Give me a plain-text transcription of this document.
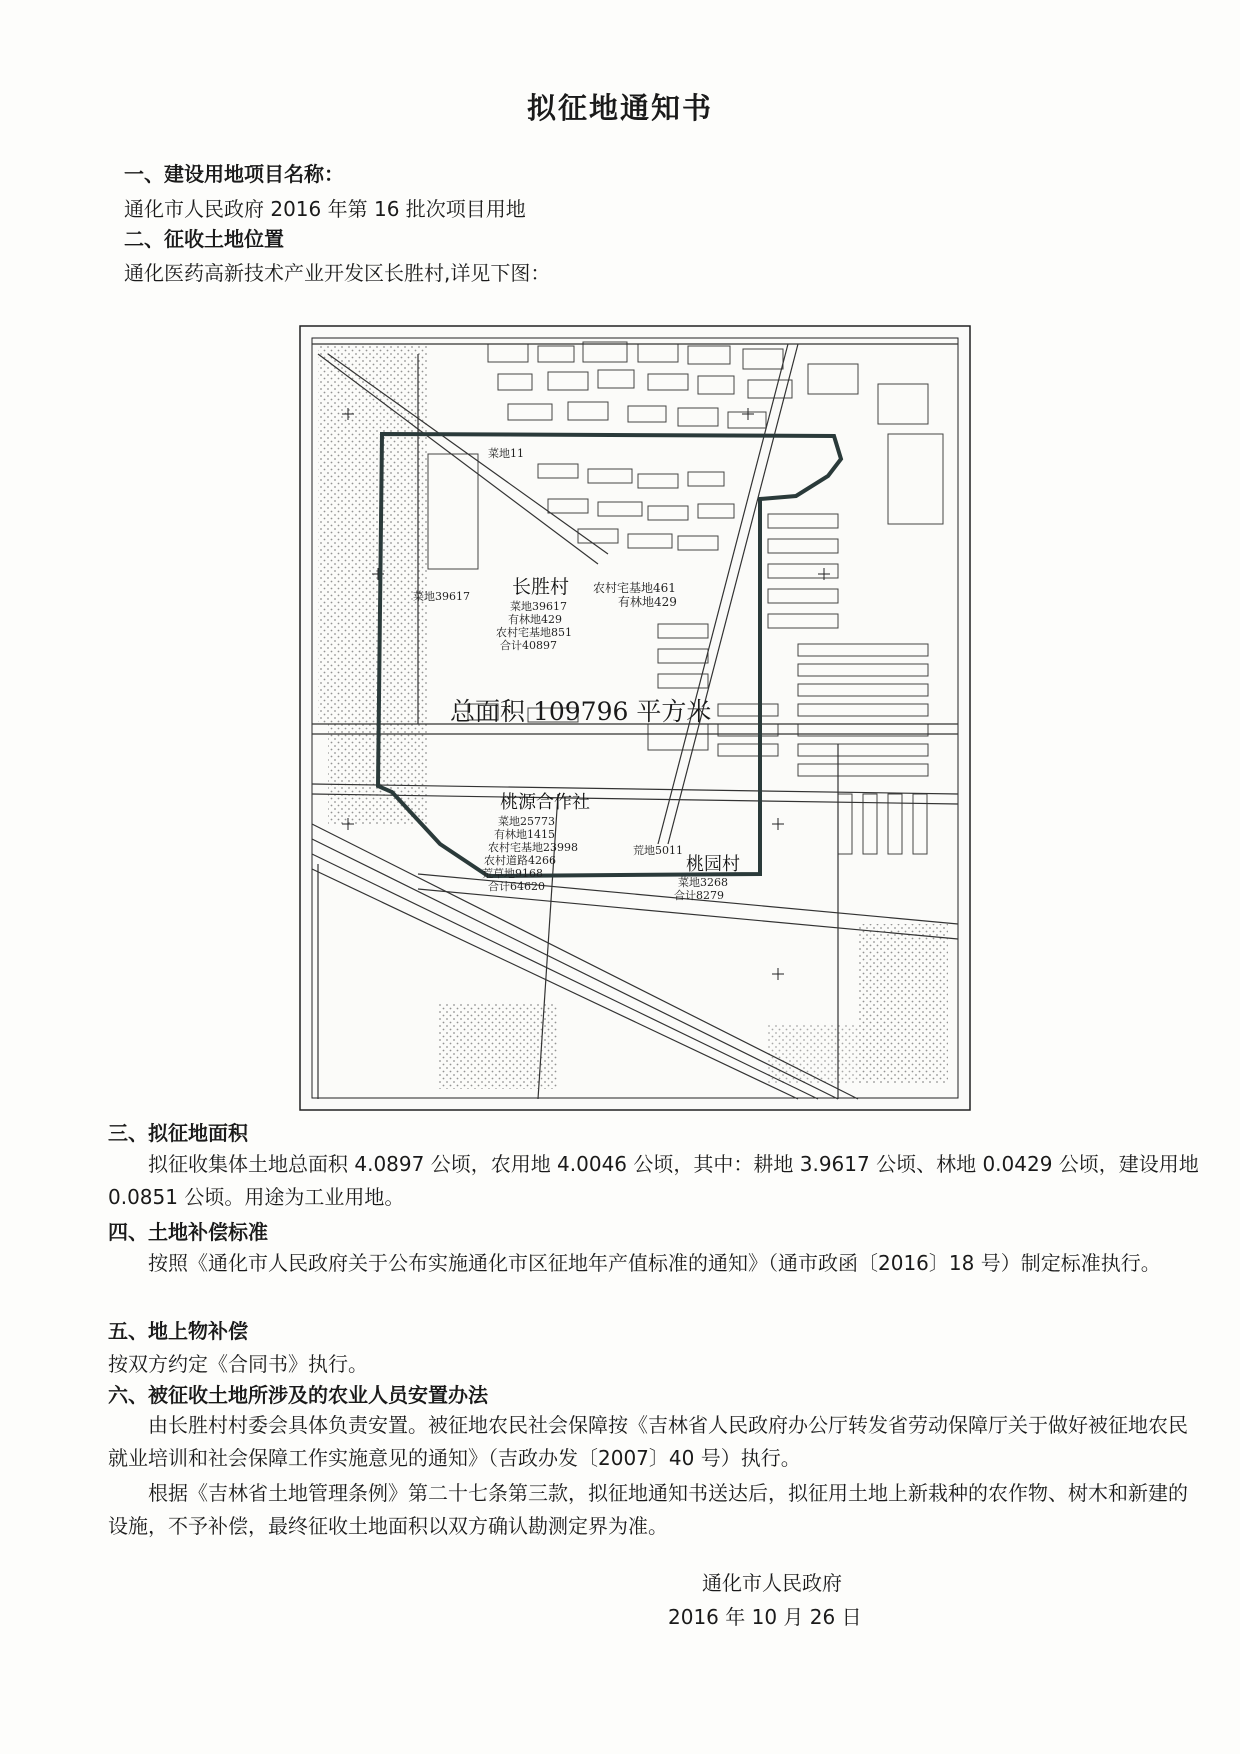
拟征地通知书
一、建设用地项目名称：
通化市人民政府 2016 年第 16 批次项目用地
二、征收土地位置
通化医药高新技术产业开发区长胜村,详见下图：
菜地11
菜地39617
农村宅基地461
有林地429
长胜村
菜地39617
有林地429
农村宅基地851
合计40897
总面积 109796 平方米
桃源合作社
菜地25773
有林地1415
农村宅基地23998
农村道路4266
荒草地9168
合计64620
荒地5011
桃园村
菜地3268
合计8279
三、拟征地面积
拟征收集体土地总面积 4.0897 公顷，农用地 4.0046 公顷，其中：耕地 3.9617 公顷、林地 0.0429 公顷，建设用地 0.0851 公顷。用途为工业用地。
四、土地补偿标准
按照《通化市人民政府关于公布实施通化市区征地年产值标准的通知》（通市政函〔2016〕18 号）制定标准执行。
五、地上物补偿
按双方约定《合同书》执行。
六、被征收土地所涉及的农业人员安置办法
由长胜村村委会具体负责安置。被征地农民社会保障按《吉林省人民政府办公厅转发省劳动保障厅关于做好被征地农民就业培训和社会保障工作实施意见的通知》（吉政办发〔2007〕40 号）执行。
根据《吉林省土地管理条例》第二十七条第三款，拟征地通知书送达后，拟征用土地上新栽种的农作物、树木和新建的设施，不予补偿，最终征收土地面积以双方确认勘测定界为准。
通化市人民政府
2016 年 10 月 26 日
